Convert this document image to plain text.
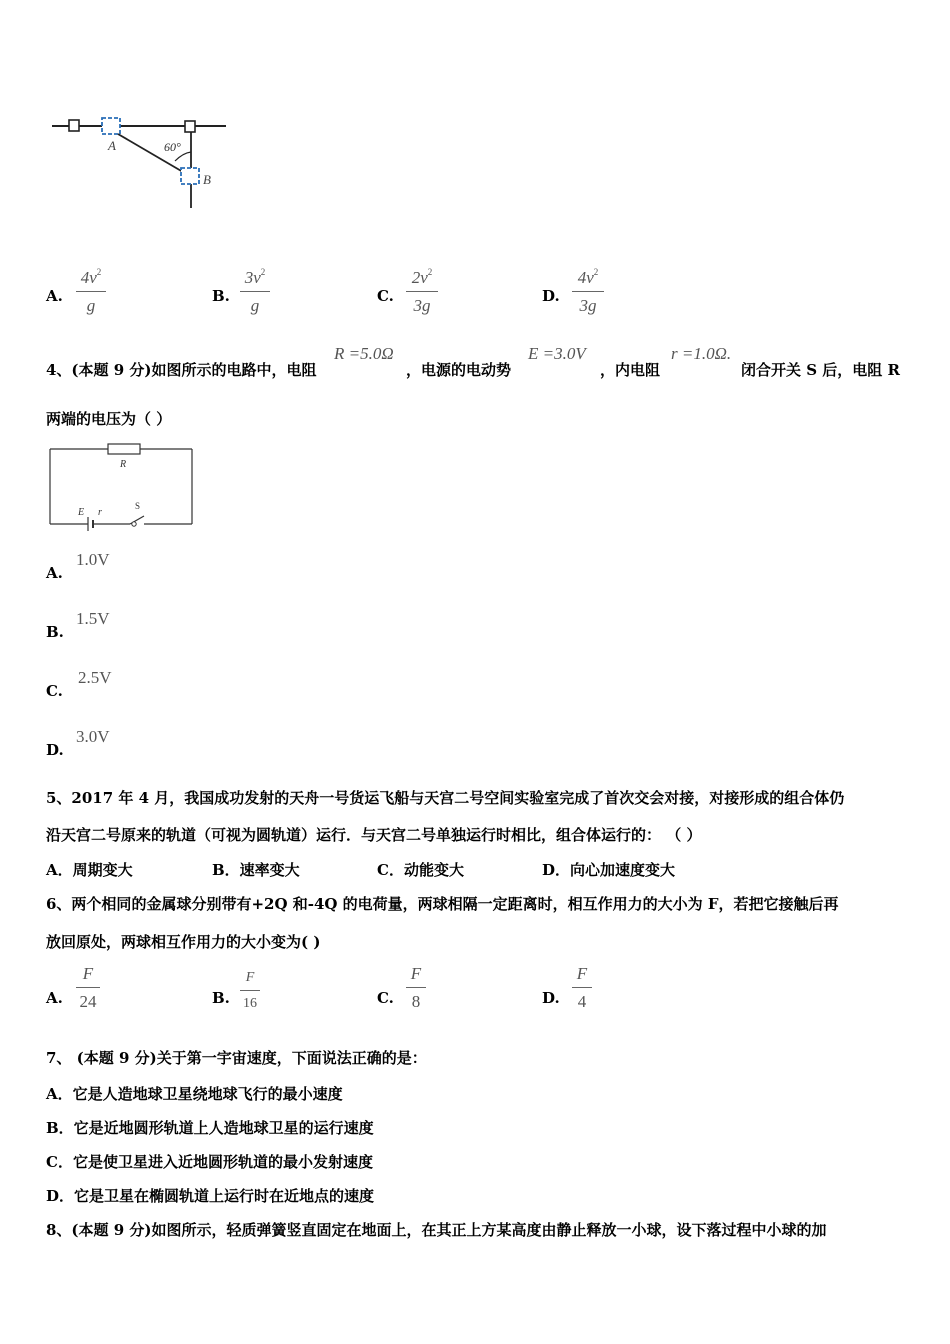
60°
A
B
A.
$4v^2$
g	B.
$3v^2$
g	C.
$2v^2$
3g	D.
$4v^2$
3g
4、(本题 9 分)如图所示的电路中，电阻
R =5.0Ω
，电源的电动势
E =3.0V
，内电阻
r =1.0Ω.
闭合开关 S 后，电阻 R
两端的电压为（ ）
R
E r
S
A.
1.0V
B.
1.5V
C.
2.5V
D.
3.0V
5、2017 年 4 月，我国成功发射的天舟一号货运飞船与天宫二号空间实验室完成了首次交会对接，对接形成的组合体仍
沿天宫二号原来的轨道（可视为圆轨道）运行．与天宫二号单独运行时相比，组合体运行的： （ ）
A．周期变大	B．速率变大	C．动能变大	D．向心加速度变大
6、两个相同的金属球分别带有+2Q 和-4Q 的电荷量，两球相隔一定距离时，相互作用力的大小为 F，若把它接触后再
放回原处，两球相互作用力的大小变为( )
A.
F
24	B.
F
16	C.
F
8	D.
F
4
7、 (本题 9 分)关于第一宇宙速度，下面说法正确的是：
A．它是人造地球卫星绕地球飞行的最小速度
B．它是近地圆形轨道上人造地球卫星的运行速度
C．它是使卫星进入近地圆形轨道的最小发射速度
D．它是卫星在椭圆轨道上运行时在近地点的速度
8、(本题 9 分)如图所示，轻质弹簧竖直固定在地面上，在其正上方某高度由静止释放一小球，设下落过程中小球的加
